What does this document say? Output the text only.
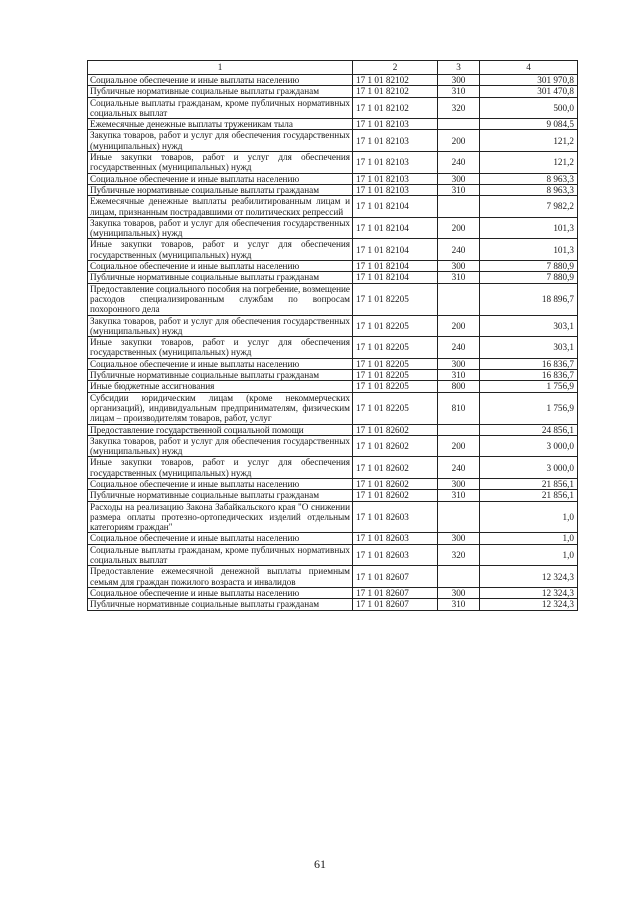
1	2	3	4
Социальное обеспечение и иные выплаты населению	17 1 01 82102	300	301 970,8
Публичные нормативные социальные выплаты гражданам	17 1 01 82102	310	301 470,8
Социальные выплаты гражданам, кроме публичных нормативных социальных выплат	17 1 01 82102	320	500,0
Ежемесячные денежные выплаты труженикам тыла	17 1 01 82103		9 084,5
Закупка товаров, работ и услуг для обеспечения государственных (муниципальных) нужд	17 1 01 82103	200	121,2
Иные закупки товаров, работ и услуг для обеспечения государственных (муниципальных) нужд	17 1 01 82103	240	121,2
Социальное обеспечение и иные выплаты населению	17 1 01 82103	300	8 963,3
Публичные нормативные социальные выплаты гражданам	17 1 01 82103	310	8 963,3
Ежемесячные денежные выплаты реабилитированным лицам и лицам, признанным пострадавшими от политических репрессий	17 1 01 82104		7 982,2
Закупка товаров, работ и услуг для обеспечения государственных (муниципальных) нужд	17 1 01 82104	200	101,3
Иные закупки товаров, работ и услуг для обеспечения государственных (муниципальных) нужд	17 1 01 82104	240	101,3
Социальное обеспечение и иные выплаты населению	17 1 01 82104	300	7 880,9
Публичные нормативные социальные выплаты гражданам	17 1 01 82104	310	7 880,9
Предоставление социального пособия на погребение, возмещение расходов специализированным службам по вопросам похоронного дела	17 1 01 82205		18 896,7
Закупка товаров, работ и услуг для обеспечения государственных (муниципальных) нужд	17 1 01 82205	200	303,1
Иные закупки товаров, работ и услуг для обеспечения государственных (муниципальных) нужд	17 1 01 82205	240	303,1
Социальное обеспечение и иные выплаты населению	17 1 01 82205	300	16 836,7
Публичные нормативные социальные выплаты гражданам	17 1 01 82205	310	16 836,7
Иные бюджетные ассигнования	17 1 01 82205	800	1 756,9
Субсидии юридическим лицам (кроме некоммерческих организаций), индивидуальным предпринимателям, физическим лицам – производителям товаров, работ, услуг	17 1 01 82205	810	1 756,9
Предоставление государственной социальной помощи	17 1 01 82602		24 856,1
Закупка товаров, работ и услуг для обеспечения государственных (муниципальных) нужд	17 1 01 82602	200	3 000,0
Иные закупки товаров, работ и услуг для обеспечения государственных (муниципальных) нужд	17 1 01 82602	240	3 000,0
Социальное обеспечение и иные выплаты населению	17 1 01 82602	300	21 856,1
Публичные нормативные социальные выплаты гражданам	17 1 01 82602	310	21 856,1
Расходы на реализацию Закона Забайкальского края "О снижении размера оплаты протезно-ортопедических изделий отдельным категориям граждан"	17 1 01 82603		1,0
Социальное обеспечение и иные выплаты населению	17 1 01 82603	300	1,0
Социальные выплаты гражданам, кроме публичных нормативных социальных выплат	17 1 01 82603	320	1,0
Предоставление ежемесячной денежной выплаты приемным семьям для граждан пожилого возраста и инвалидов	17 1 01 82607		12 324,3
Социальное обеспечение и иные выплаты населению	17 1 01 82607	300	12 324,3
Публичные нормативные социальные выплаты гражданам	17 1 01 82607	310	12 324,3
61
